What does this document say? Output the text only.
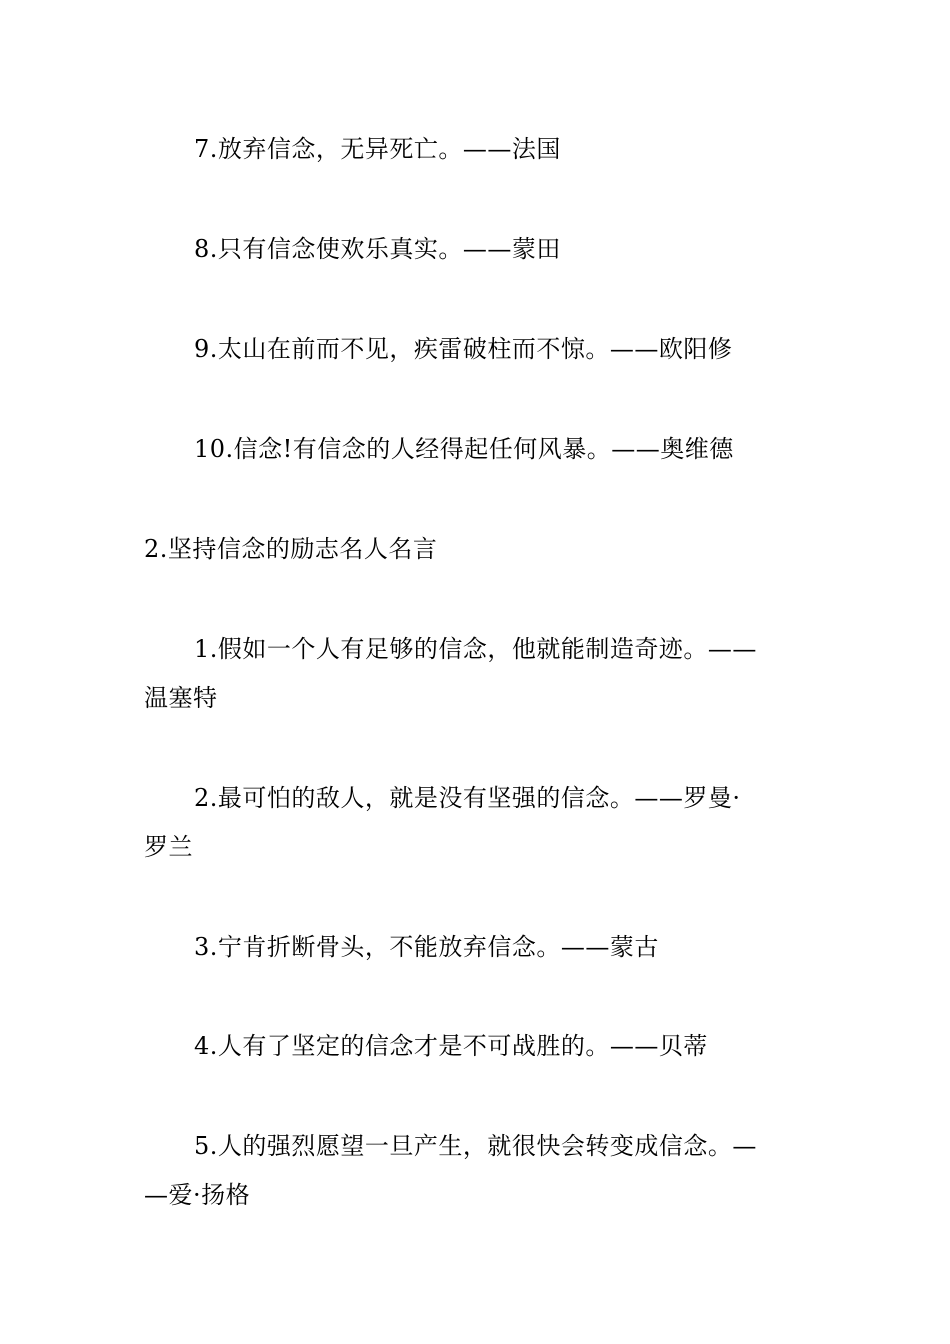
7.放弃信念，无异死亡。——法国
8.只有信念使欢乐真实。——蒙田
9.太山在前而不见，疾雷破柱而不惊。——欧阳修
10.信念!有信念的人经得起任何风暴。——奥维德
2.坚持信念的励志名人名言
1.假如一个人有足够的信念，他就能制造奇迹。——
温塞特
2.最可怕的敌人，就是没有坚强的信念。——罗曼·
罗兰
3.宁肯折断骨头，不能放弃信念。——蒙古
4.人有了坚定的信念才是不可战胜的。——贝蒂
5.人的强烈愿望一旦产生，就很快会转变成信念。—
—爱·扬格
